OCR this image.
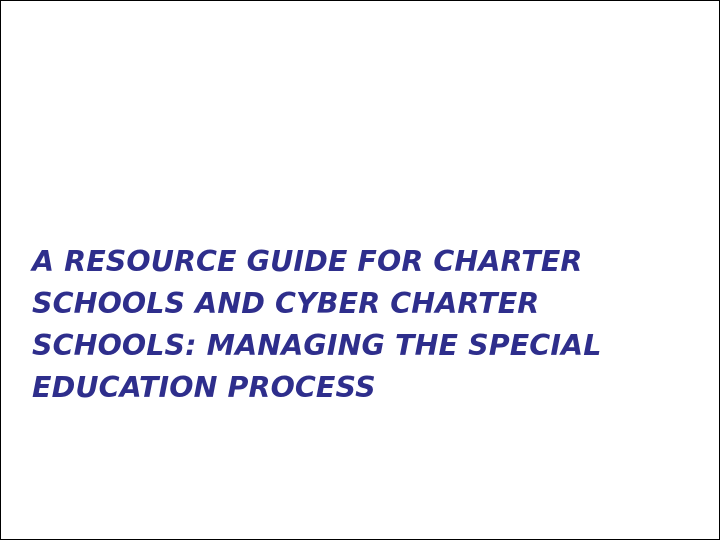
A RESOURCE GUIDE FOR CHARTER
SCHOOLS AND CYBER CHARTER
SCHOOLS: MANAGING THE SPECIAL
EDUCATION PROCESS
